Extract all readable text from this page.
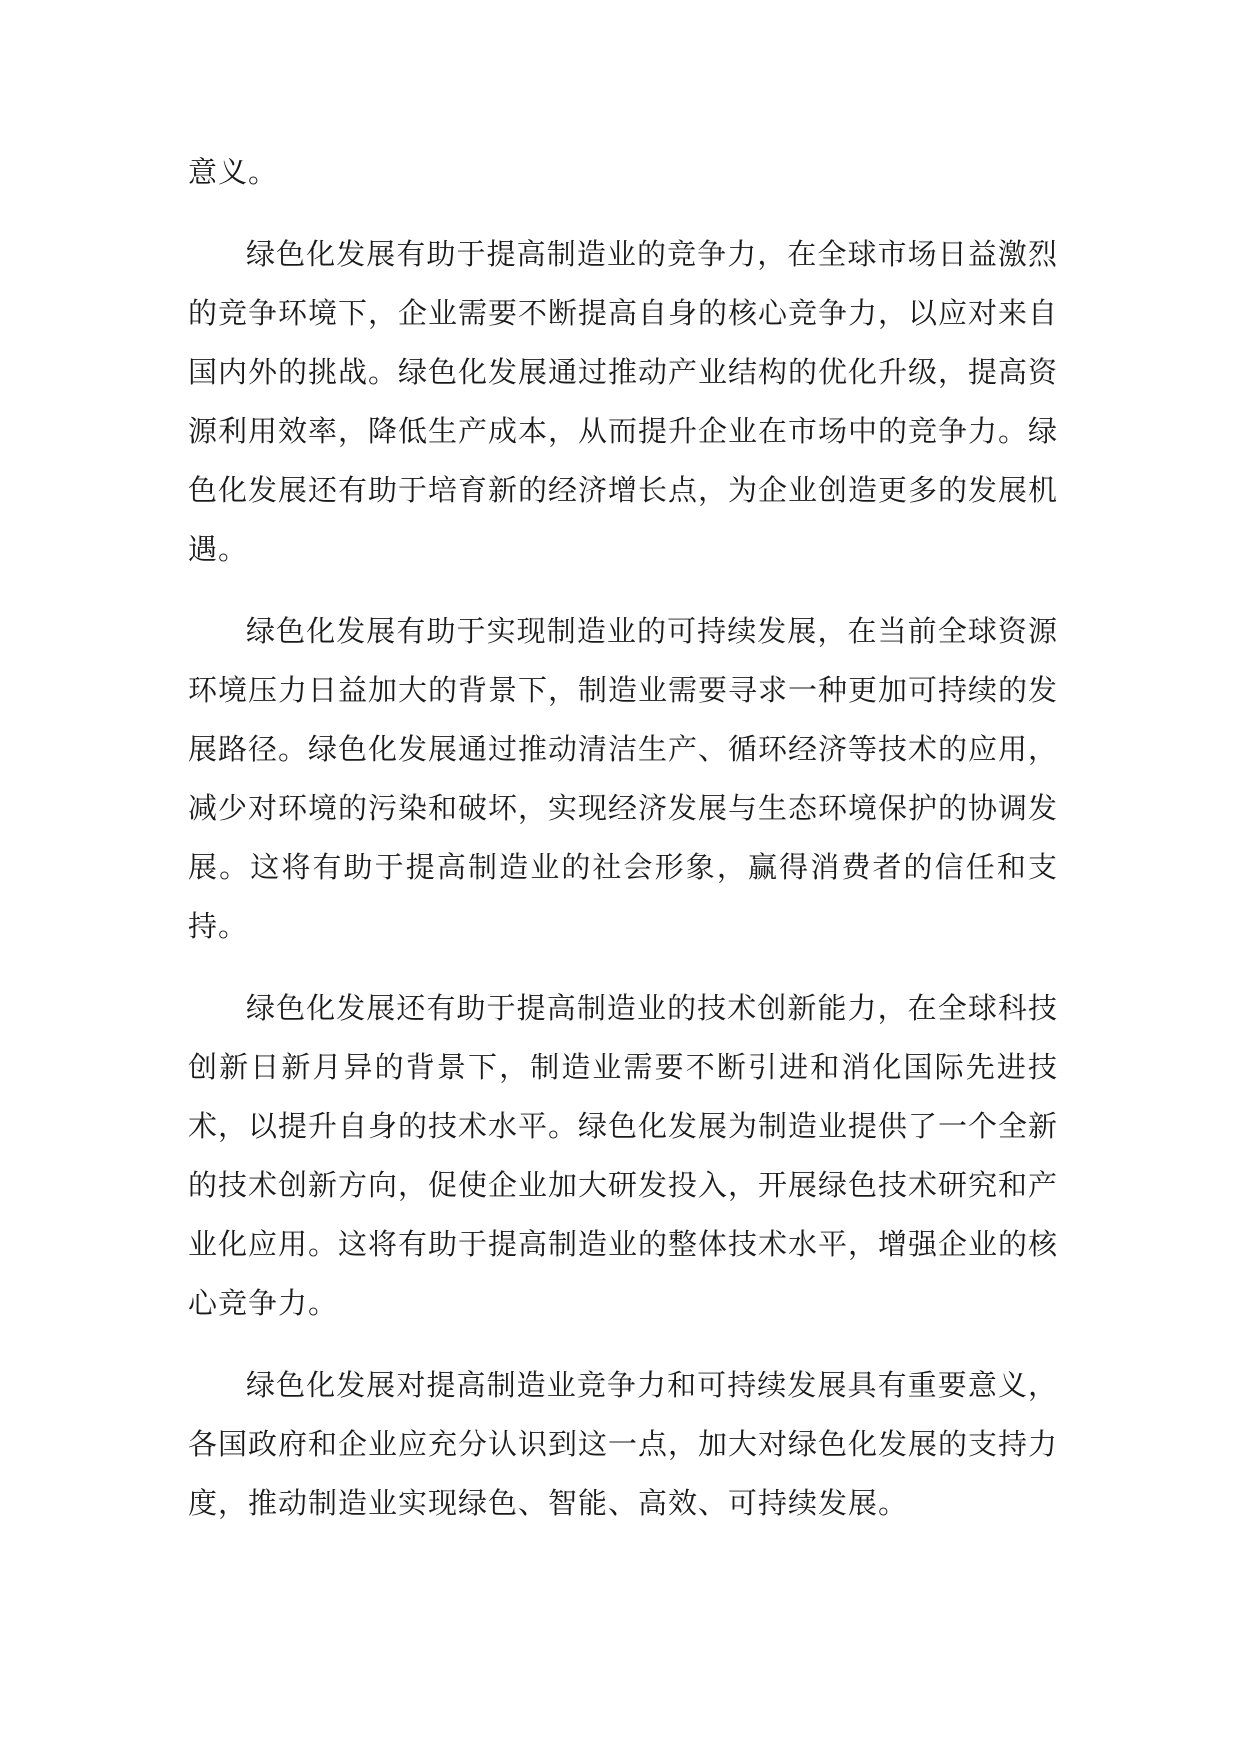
意义。

绿色化发展有助于提高制造业的竞争力，在全球市场日益激烈的竞争环境下，企业需要不断提高自身的核心竞争力，以应对来自国内外的挑战。绿色化发展通过推动产业结构的优化升级，提高资源利用效率，降低生产成本，从而提升企业在市场中的竞争力。绿色化发展还有助于培育新的经济增长点，为企业创造更多的发展机遇。

绿色化发展有助于实现制造业的可持续发展，在当前全球资源环境压力日益加大的背景下，制造业需要寻求一种更加可持续的发展路径。绿色化发展通过推动清洁生产、循环经济等技术的应用，减少对环境的污染和破坏，实现经济发展与生态环境保护的协调发展。这将有助于提高制造业的社会形象，赢得消费者的信任和支持。

绿色化发展还有助于提高制造业的技术创新能力，在全球科技创新日新月异的背景下，制造业需要不断引进和消化国际先进技术，以提升自身的技术水平。绿色化发展为制造业提供了一个全新的技术创新方向，促使企业加大研发投入，开展绿色技术研究和产业化应用。这将有助于提高制造业的整体技术水平，增强企业的核心竞争力。

绿色化发展对提高制造业竞争力和可持续发展具有重要意义，各国政府和企业应充分认识到这一点，加大对绿色化发展的支持力度，推动制造业实现绿色、智能、高效、可持续发展。
